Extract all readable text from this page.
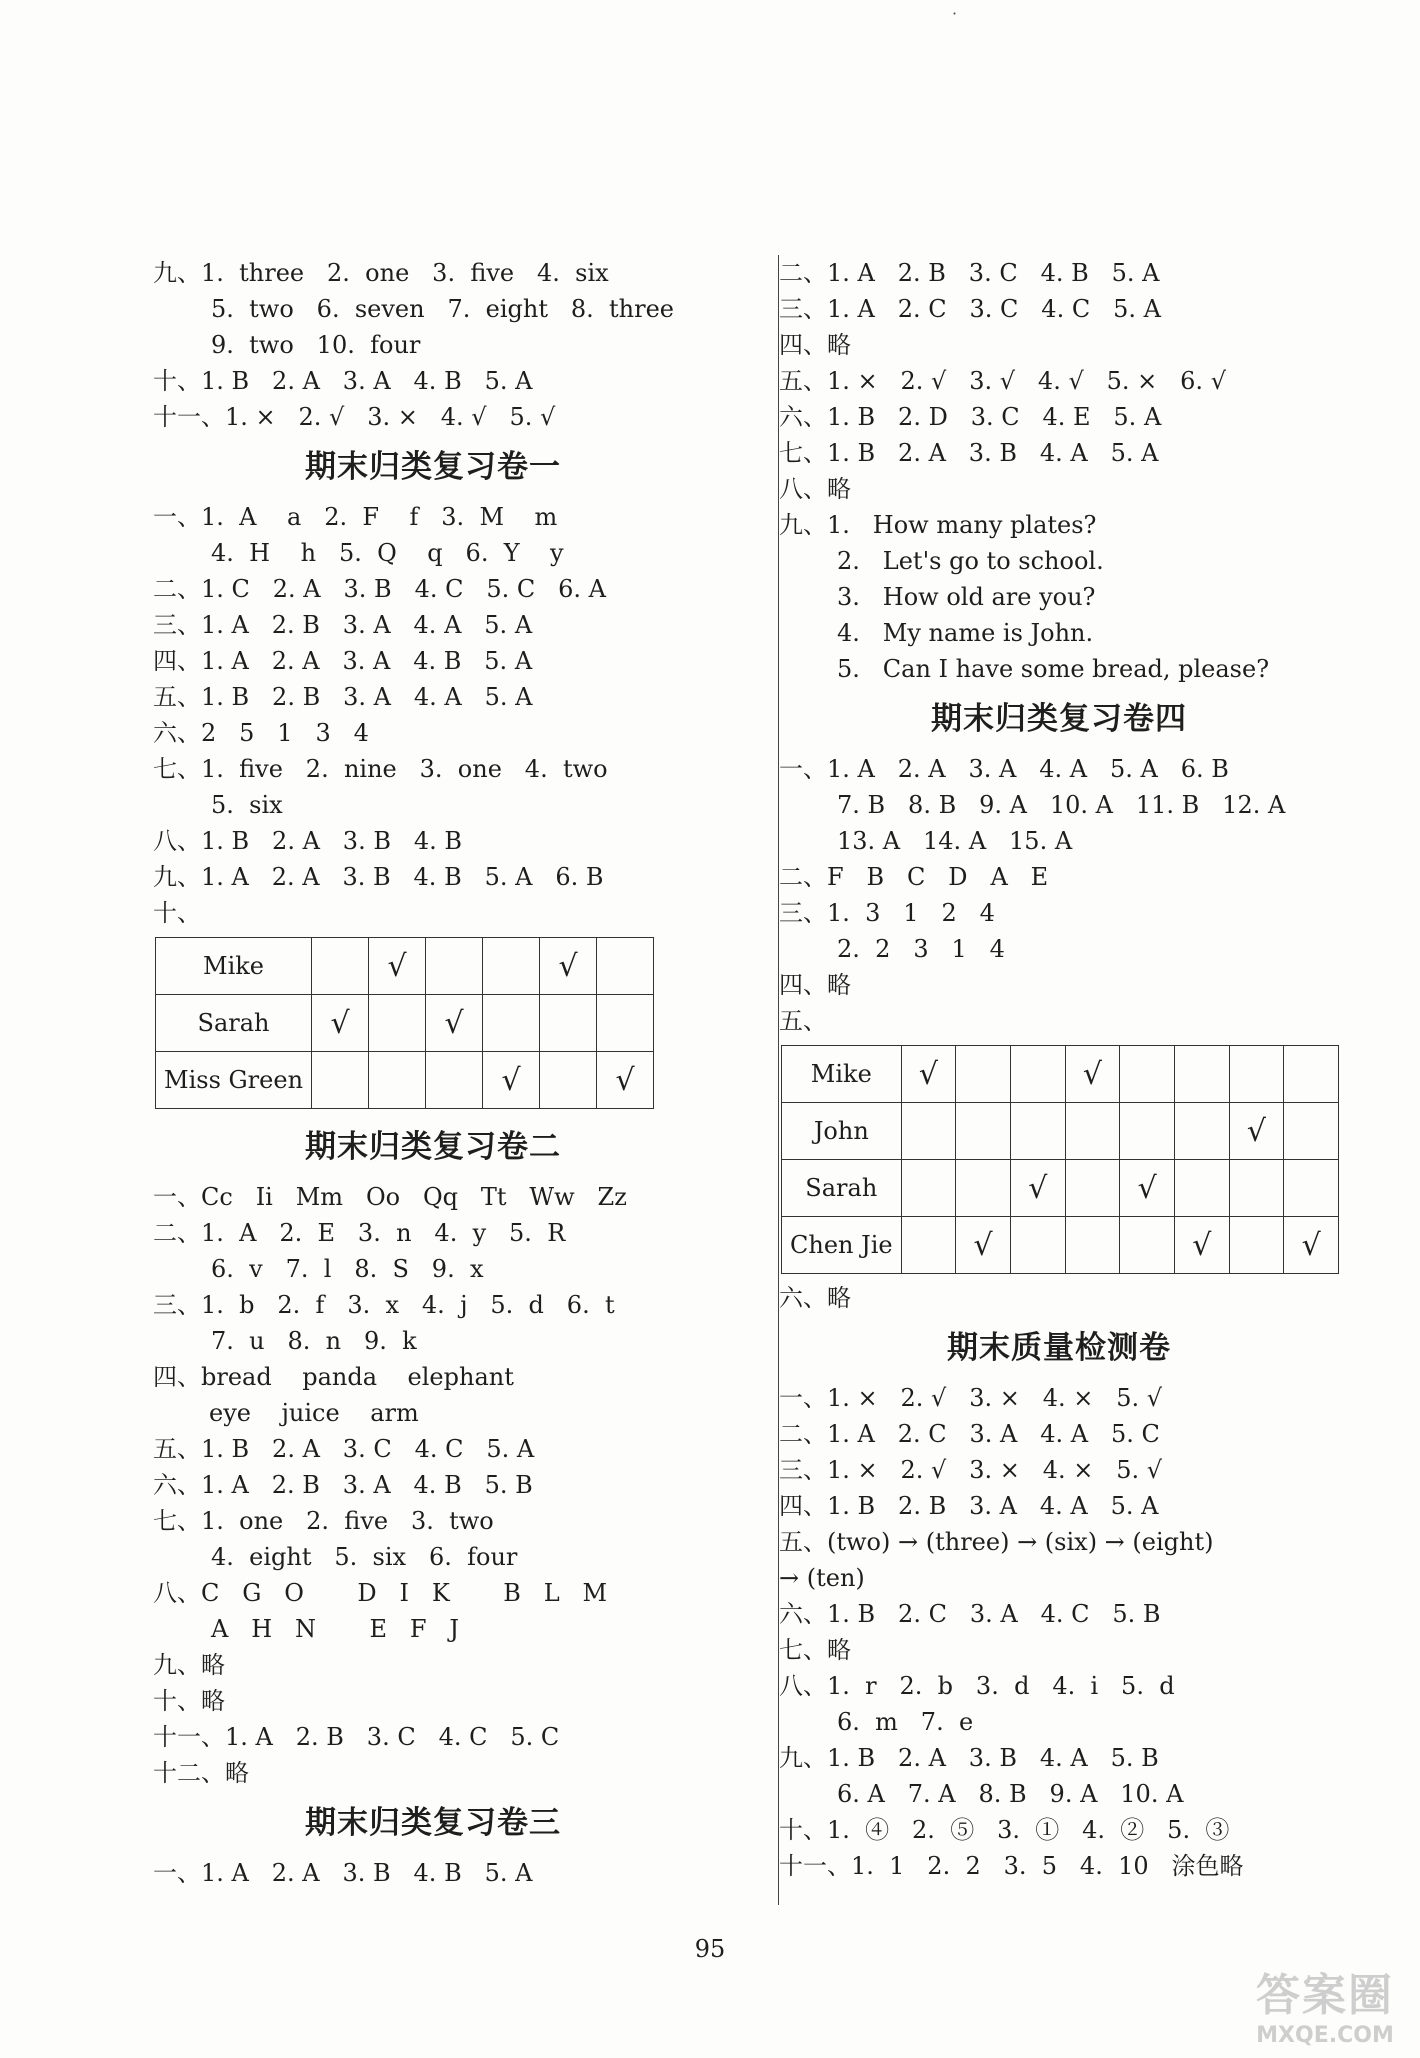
·
九、1.  three   2.  one   3.  five   4.  six
5.  two   6.  seven   7.  eight   8.  three
9.  two   10.  four
十、1. B   2. A   3. A   4. B   5. A
十一、1. ×   2. √   3. ×   4. √   5. √
期末归类复习卷一
一、1.  A    a   2.  F    f   3.  M    m
4.  H    h   5.  Q    q   6.  Y    y
二、1. C   2. A   3. B   4. C   5. C   6. A
三、1. A   2. B   3. A   4. A   5. A
四、1. A   2. A   3. A   4. B   5. A
五、1. B   2. B   3. A   4. A   5. A
六、2   5   1   3   4
七、1.  five   2.  nine   3.  one   4.  two
5.  six
八、1. B   2. A   3. B   4. B
九、1. A   2. A   3. B   4. B   5. A   6. B
十、
Mike		√			√	
Sarah	√		√			
Miss Green				√		√
期末归类复习卷二
一、Cc   Ii   Mm   Oo   Qq   Tt   Ww   Zz
二、1.  A   2.  E   3.  n   4.  y   5.  R
6.  v   7.  l   8.  S   9.  x
三、1.  b   2.  f   3.  x   4.  j   5.  d   6.  t
7.  u   8.  n   9.  k
四、bread    panda    elephant
eye    juice    arm
五、1. B   2. A   3. C   4. C   5. A
六、1. A   2. B   3. A   4. B   5. B
七、1.  one   2.  five   3.  two
4.  eight   5.  six   6.  four
八、C   G   O       D   I   K       B   L   M
A   H   N       E   F   J
九、略
十、略
十一、1. A   2. B   3. C   4. C   5. C
十二、略
期末归类复习卷三
一、1. A   2. A   3. B   4. B   5. A
二、1. A   2. B   3. C   4. B   5. A
三、1. A   2. C   3. C   4. C   5. A
四、略
五、1. ×   2. √   3. √   4. √   5. ×   6. √
六、1. B   2. D   3. C   4. E   5. A
七、1. B   2. A   3. B   4. A   5. A
八、略
九、1.   How many plates?
2.   Let's go to school.
3.   How old are you?
4.   My name is John.
5.   Can I have some bread, please?
期末归类复习卷四
一、1. A   2. A   3. A   4. A   5. A   6. B
7. B   8. B   9. A   10. A   11. B   12. A
13. A   14. A   15. A
二、F   B   C   D   A   E
三、1.  3   1   2   4
2.  2   3   1   4
四、略
五、
Mike	√			√				
John							√	
Sarah			√		√			
Chen Jie		√				√		√
六、略
期末质量检测卷
一、1. ×   2. √   3. ×   4. ×   5. √
二、1. A   2. C   3. A   4. A   5. C
三、1. ×   2. √   3. ×   4. ×   5. √
四、1. B   2. B   3. A   4. A   5. A
五、(two) → (three) → (six) → (eight)
→ (ten)
六、1. B   2. C   3. A   4. C   5. B
七、略
八、1.  r   2.  b   3.  d   4.  i   5.  d
6.  m   7.  e
九、1. B   2. A   3. B   4. A   5. B
6. A   7. A   8. B   9. A   10. A
十、1.  ④   2.  ⑤   3.  ①   4.  ②   5.  ③
十一、1.  1   2.  2   3.  5   4.  10   涂色略
95
答案圈
MXQE.COM
